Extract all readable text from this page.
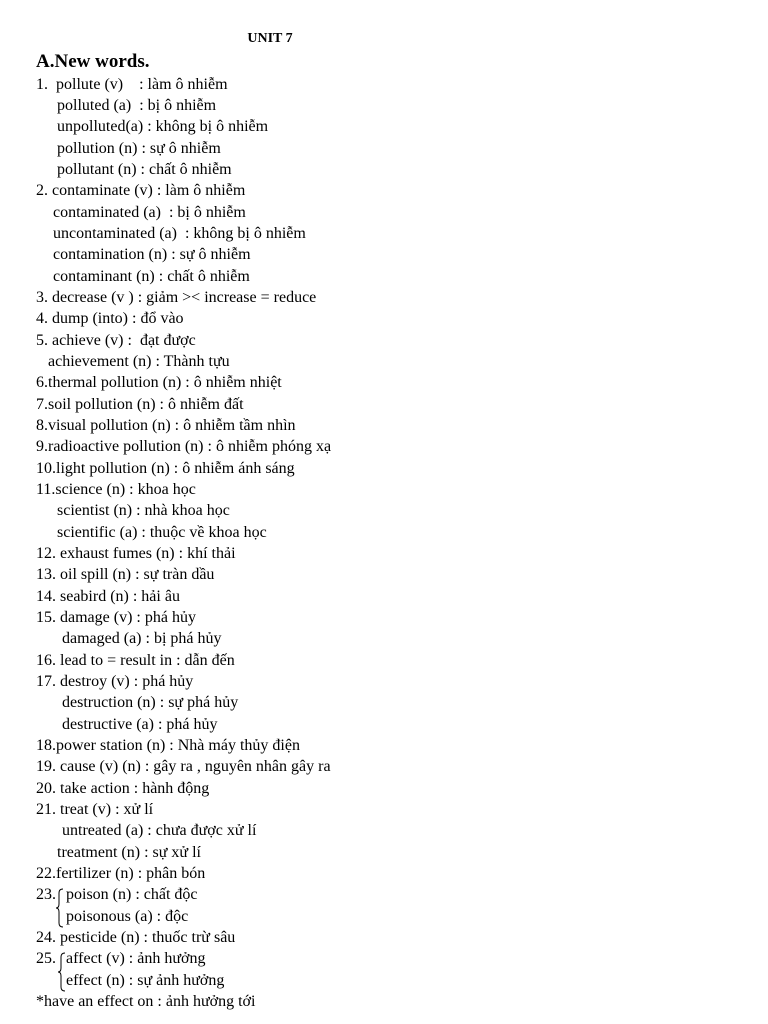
UNIT 7
A.New words.
1.  pollute (v)    : làm ô nhiễm
polluted (a)  : bị ô nhiễm
unpolluted(a) : không bị ô nhiễm
pollution (n) : sự ô nhiễm
pollutant (n) : chất ô nhiễm
2. contaminate (v) : làm ô nhiễm
contaminated (a)  : bị ô nhiễm
uncontaminated (a)  : không bị ô nhiễm
contamination (n) : sự ô nhiễm
contaminant (n) : chất ô nhiễm
3. decrease (v ) : giảm >< increase = reduce
4. dump (into) : đổ vào
5. achieve (v) :  đạt được
achievement (n) : Thành tựu
6.thermal pollution (n) : ô nhiễm nhiệt
7.soil pollution (n) : ô nhiễm đất
8.visual pollution (n) : ô nhiễm tầm nhìn
9.radioactive pollution (n) : ô nhiễm phóng xạ
10.light pollution (n) : ô nhiễm ánh sáng
11.science (n) : khoa học
scientist (n) : nhà khoa học
scientific (a) : thuộc về khoa học
12. exhaust fumes (n) : khí thải
13. oil spill (n) : sự tràn dầu
14. seabird (n) : hải âu
15. damage (v) : phá hủy
damaged (a) : bị phá hủy
16. lead to = result in : dẫn đến
17. destroy (v) : phá hủy
destruction (n) : sự phá hủy
destructive (a) : phá hủy
18.power station (n) : Nhà máy thủy điện
19. cause (v) (n) : gây ra , nguyên nhân gây ra
20. take action : hành động
21. treat (v) : xử lí
untreated (a) : chưa được xử lí
treatment (n) : sự xử lí
22.fertilizer (n) : phân bón
23. poison (n) : chất độc
poisonous (a) : độc
24. pesticide (n) : thuốc trừ sâu
25. affect (v) : ảnh hưởng
effect (n) : sự ảnh hưởng
*have an effect on : ảnh hưởng tới
